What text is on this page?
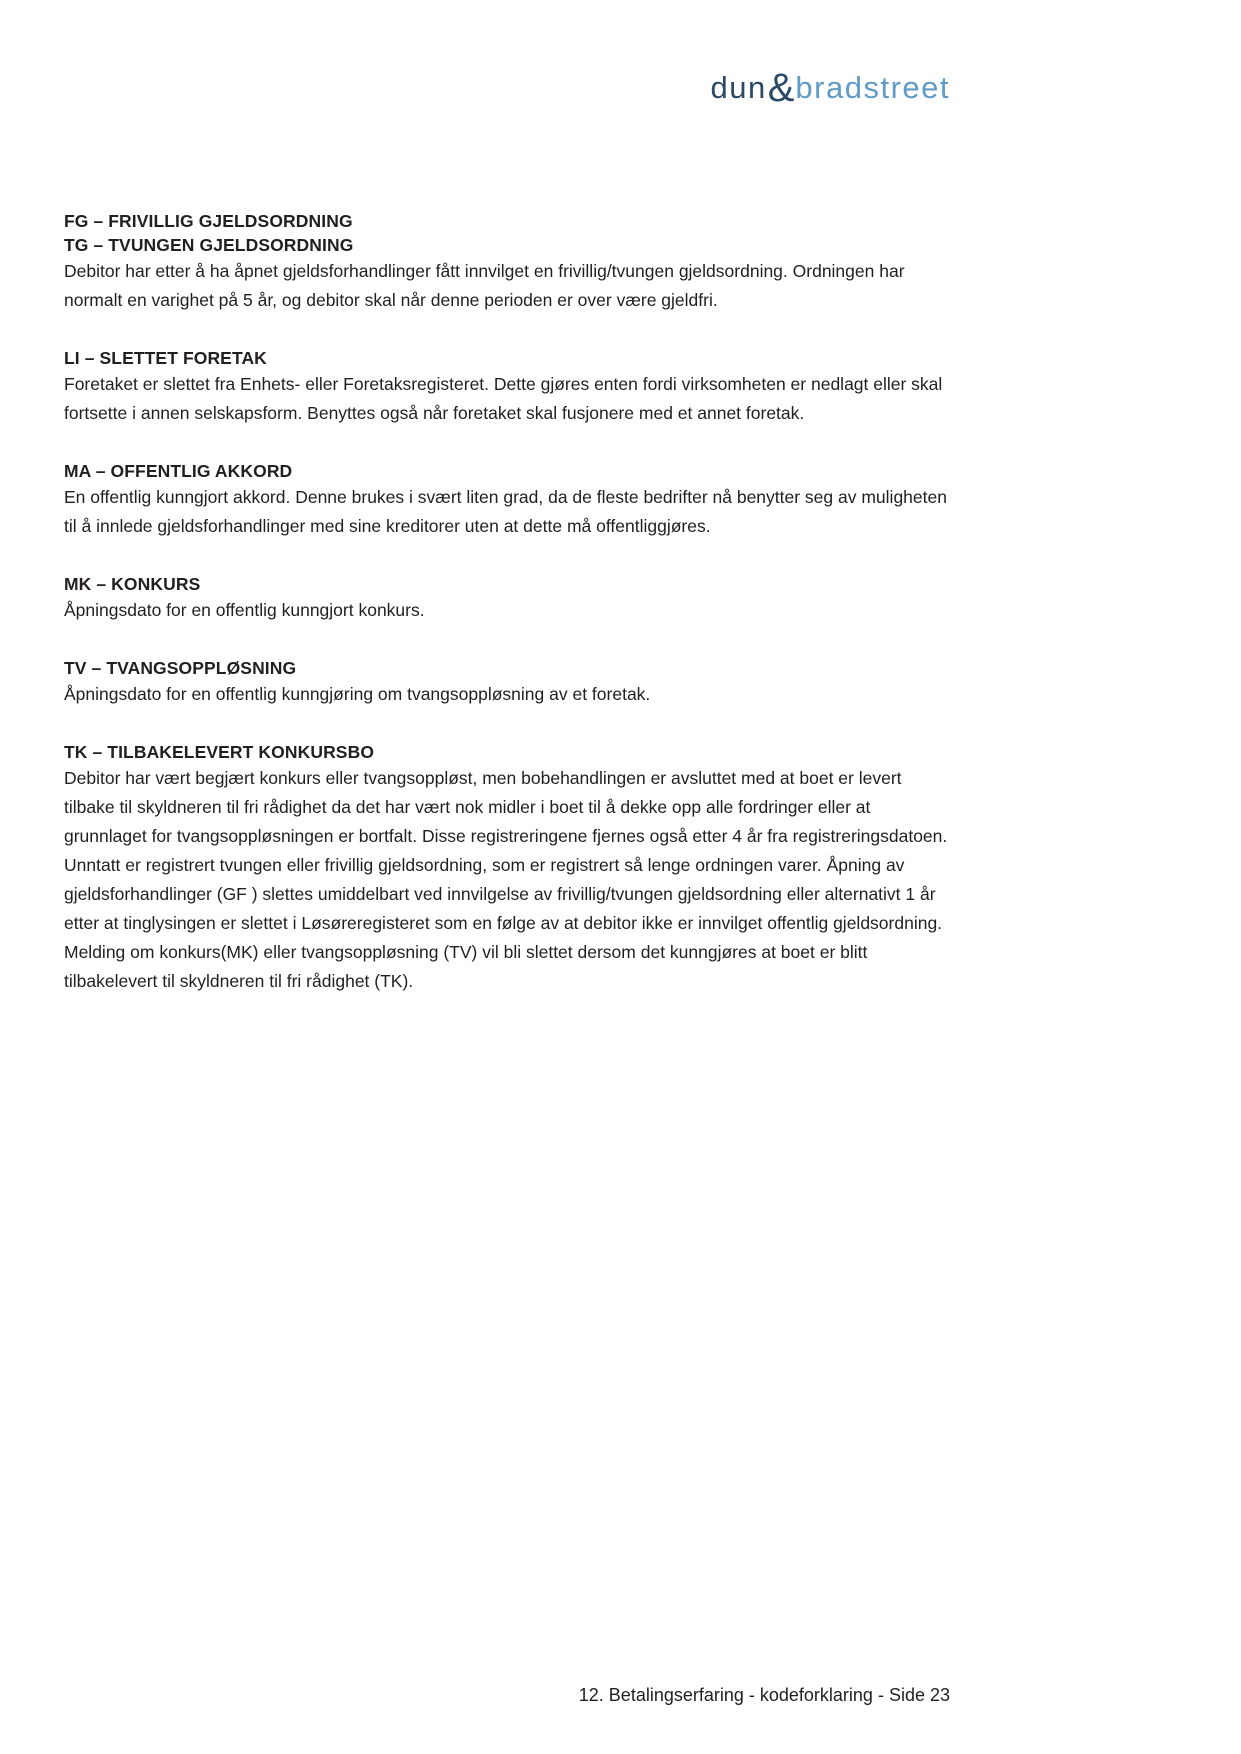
dun&bradstreet
FG – FRIVILLIG GJELDSORDNING
TG – TVUNGEN GJELDSORDNING

Debitor har etter å ha åpnet gjeldsforhandlinger fått innvilget en frivillig/tvungen gjeldsordning. Ordningen har normalt en varighet på 5 år, og debitor skal når denne perioden er over være gjeldfri.

LI – SLETTET FORETAK

Foretaket er slettet fra Enhets- eller Foretaksregisteret. Dette gjøres enten fordi virksomheten er nedlagt eller skal fortsette i annen selskapsform. Benyttes også når foretaket skal fusjonere med et annet foretak.

MA – OFFENTLIG AKKORD

En offentlig kunngjort akkord. Denne brukes i svært liten grad, da de fleste bedrifter nå benytter seg av muligheten til å innlede gjeldsforhandlinger med sine kreditorer uten at dette må offentliggjøres.

MK – KONKURS

Åpningsdato for en offentlig kunngjort konkurs.

TV – TVANGSOPPLØSNING

Åpningsdato for en offentlig kunngjøring om tvangsoppløsning av et foretak.

TK – TILBAKELEVERT KONKURSBO

Debitor har vært begjært konkurs eller tvangsoppløst, men bobehandlingen er avsluttet med at boet er levert tilbake til skyldneren til fri rådighet da det har vært nok midler i boet til å dekke opp alle fordringer eller at grunnlaget for tvangsoppløsningen er bortfalt. Disse registreringene fjernes også etter 4 år fra registreringsdatoen. Unntatt er registrert tvungen eller frivillig gjeldsordning, som er registrert så lenge ordningen varer. Åpning av gjeldsforhandlinger (GF ) slettes umiddelbart ved innvilgelse av frivillig/tvungen gjeldsordning eller alternativt 1 år etter at tinglysingen er slettet i Løsøreregisteret som en følge av at debitor ikke er innvilget offentlig gjeldsordning. Melding om konkurs(MK) eller tvangsoppløsning (TV) vil bli slettet dersom det kunngjøres at boet er blitt tilbakelevert til skyldneren til fri rådighet (TK).

12. Betalingserfaring - kodeforklaring - Side 23
